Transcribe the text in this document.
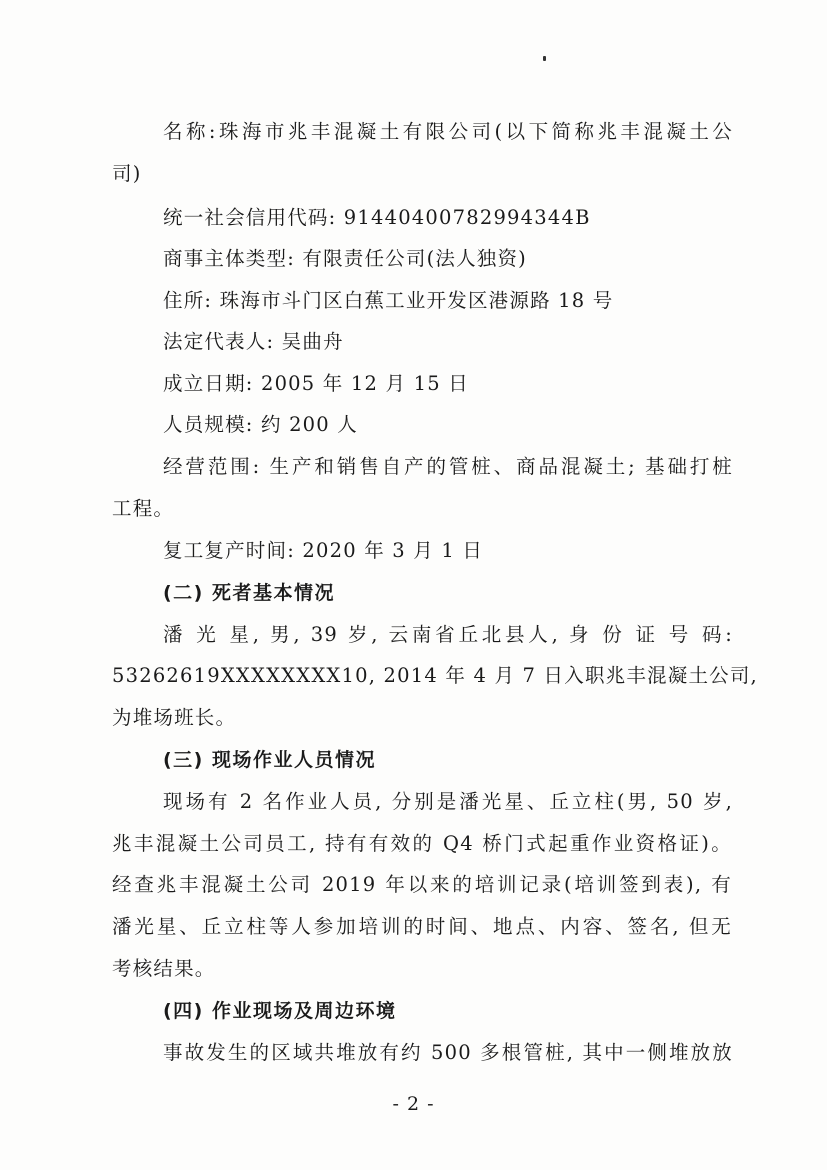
名称:珠海市兆丰混凝土有限公司(以下简称兆丰混凝土公
司)
统一社会信用代码: 91440400782994344B
商事主体类型: 有限责任公司(法人独资)
住所: 珠海市斗门区白蕉工业开发区港源路 18 号
法定代表人: 吴曲舟
成立日期: 2005 年 12 月 15 日
人员规模: 约 200 人
经营范围: 生产和销售自产的管桩、商品混凝土; 基础打桩
工程。
复工复产时间: 2020 年 3 月 1 日
(二) 死者基本情况
潘 光 星, 男, 39 岁, 云南省丘北县人, 身 份 证 号 码:
53262619XXXXXXXX10, 2014 年 4 月 7 日入职兆丰混凝土公司,
为堆场班长。
(三) 现场作业人员情况
现场有 2 名作业人员, 分别是潘光星、丘立柱(男, 50 岁,
兆丰混凝土公司员工, 持有有效的 Q4 桥门式起重作业资格证)。
经查兆丰混凝土公司 2019 年以来的培训记录(培训签到表), 有
潘光星、丘立柱等人参加培训的时间、地点、内容、签名, 但无
考核结果。
(四) 作业现场及周边环境
事故发生的区域共堆放有约 500 多根管桩, 其中一侧堆放放
- 2 -
